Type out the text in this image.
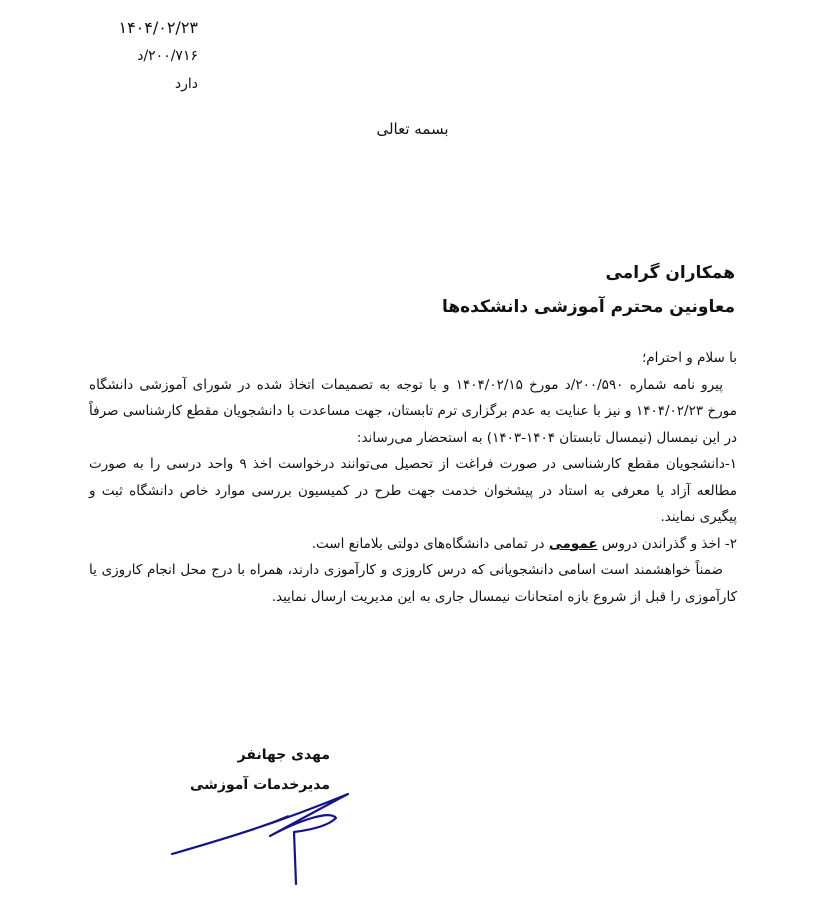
۱۴۰۴/۰۲/۲۳
۲۰۰/۷۱۶/د
دارد
بسمه تعالی
همکاران گرامی
معاونین محترم آموزشی دانشکده‌ها

با سلام و احترام؛

پیرو نامه شماره ۲۰۰/۵۹۰/د مورخ ۱۴۰۴/۰۲/۱۵ و با توجه به تصمیمات اتخاذ شده در شورای آموزشی دانشگاه مورخ ۱۴۰۴/۰۲/۲۳ و نیز با عنایت به عدم برگزاری ترم تابستان، جهت مساعدت با دانشجویان مقطع کارشناسی صرفاً در این نیمسال (نیمسال تابستان ۱۴۰۴-۱۴۰۳) به استحضار می‌رساند:

۱-دانشجویان مقطع کارشناسی در صورت فراغت از تحصیل می‌توانند درخواست اخذ ۹ واحد درسی را به صورت مطالعه آزاد یا معرفی به استاد در پیشخوان خدمت جهت طرح در کمیسیون بررسی موارد خاص دانشگاه ثبت و پیگیری نمایند.

۲- اخذ و گذراندن دروس عمومی در تمامی دانشگاه‌های دولتی بلامانع است.

ضمناً خواهشمند است اسامی دانشجویانی که درس کاروزی و کارآموزی دارند، همراه با درج محل انجام کاروزی یا کارآموزی را قبل از شروع بازه امتحانات نیمسال جاری به این مدیریت ارسال نمایید.

مهدی جهانفر
مدیرخدمات آموزشی
